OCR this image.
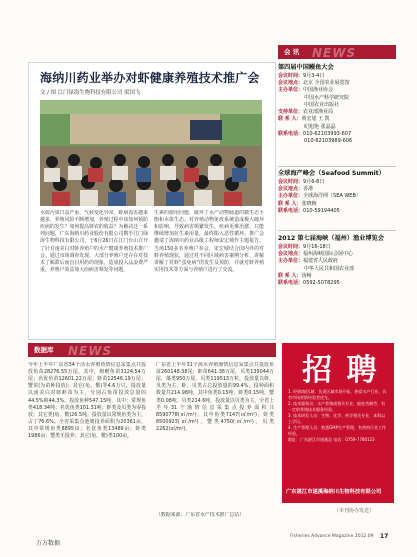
会 讯 NEWS
海纳川药业举办对虾健康养殖技术推广会
文 / 图 江门绿海生物科技有限公司 梁国飞
水源污染日益严重，气候变化异常，虾病毒害越来越多，养殖风险不断增加，养殖过程中该如何预防疾病的发生？如何提高虾农的收益？为解决这一系列问题，广东海纳川药业股份有限公司携手江门绿海生物科技有限公司，于6月26日在江门台山召开了针对南美白对虾养殖户的水产健康养殖技术推广会。通过市场调查发现，大部分养殖户还存在对技术了解滞后而盲目用药的现象，造成投入品浪费严重，养殖户效益加大而病害频发等问题。
生素的使用问题，破坏了水产动物肠道的微生态平衡和水体生态。对养殖动物免疫系统造成极大破坏和影响，导致病害频繁发生，疾病更难治愈，只能继续增加抗生素用量，最终陷入恶性循环。推广会邀请了海纳川药业高级工程师宋宏城作主题报告，当场150多名养殖户参会，宋宏城结合国内外的对虾养殖现状，通过对不同区域病害案例分析，讲解讲解了对虾“蛋免病”的发生及预防，并就对虾养殖实用技术等方面与养殖户进行了交流。
第四届中国鳗鱼大会
会议时间：9月3-4日
会议地点：北京 全国农业展览馆
主办单位：中国渔业协会
中国水产科学研究院
中国农业出版社
支持单位：农业部渔业局
联 系 人：黄宏旭 王 凯
纪旭艳 张晶晶
联系电话：010-62103993-607
010-62103989-606
全球海产峰会（Seafood Summit）
会议时间：9月6-8日
会议地点：香港
主办单位：全球海洋网（SEA WEB）
联 系 人：张晓婉
联系电话：010-59194405
2012 第七届海峡（福州）渔业博览会
会议时间：9月16-18日
会议地点：福州海峡国际会展中心
主办单位：福建省人民政府
中华人民共和国农业部
联 系 人：汤畅
联系电话：0592-5078295
数据库 NEWS
今年上半年广东省34个活水养殖鱼情信息采集点共投放鱼苗28276.55万尾，其中，斑鲢鱼苗3124.54万尾；名优鱼苗12601.22万尾；虾苗12546.19万尾；蟹苗(为苗种投放)；其它(龟、鳖)等4.6万只。投放量以南美白对虾虾苗为主，分别占鱼苗投放总量的44.5%和44.3%。投放鱼种547.15吨，其中：常规鱼类418.34吨；名优鱼类101.31吨；虾类及贝类为零投放；其它类(龟、鳖)26.5吨。投放量以常规鱼类为主，占了76.6%。全省采集点池塘投养面积为20361亩，其中常规鱼类8895亩；名优鱼类13489亩；虾类1986亩；蟹类无投养；其它(龟、鳖)类100亩。
广东省上半年31个海水养殖渔情信息采集点共投放鱼苗260148.38尾；虾苗641.38万尾，贝类139044万尾，藻类950万尾，贝类119513万粒，投放量以虾、贝类为主，虾、贝类占总投放量的99.4%。投种面积数量共214.98吨，其中鱼类0.15吨，虾类0.15吨，蟹类0.08吨，贝类214.6吨，投放量以贝类为主。全省上半年31个渔情信息采集点投养面积共8590778(㎡/m²)，其中鱼类7147(㎡/m²)，虾类8500923(㎡/m²)，蟹类4750(㎡/m²)，贝类2262(㎡/m²)。
（数据来源：广东省水产技术推广总站）
招 聘
1. 经销商/区域：负责区域市场开拓，热爱水产行业，具有市场营销经验者优先。
2. 技术服务员：水产养殖或相关专业，能吃苦耐劳，有一定的养殖技术服务经验。
3. 技术研发人员：生物、化学、药学相关专业，本科以上学历。
4. 生产管理人员：熟悉GMP生产管理，有兽药行业工作经验。
地址：广东湛江市遂溪县 电话：0759-7780123
广东湛江市遂溪海纳川生物科技有限公司
（本刊协办发送）
万方数据
Fisheries Advance Magazine 2012.09 17
